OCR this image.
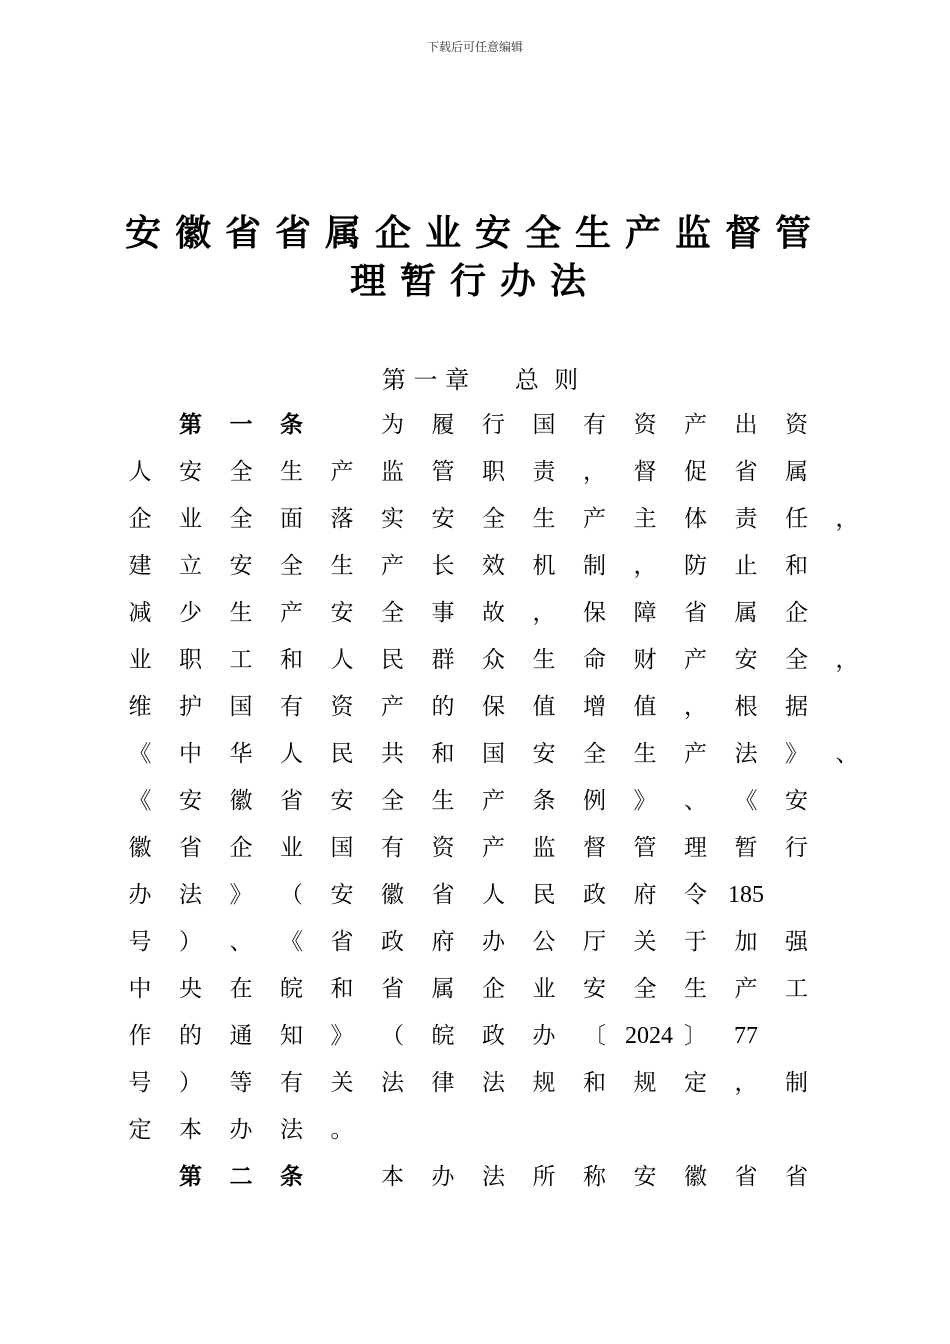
下载后可任意编辑
安徽省省属企业安全生产监督管
理暂行办法
第 一 章      总  则
第	一	条	为	履	行	国	有	资	产	出	资
人	安	全	生	产	监	管	职	责	，	督	促	省	属
企	业	全	面	落	实	安	全	生	产	主	体	责	任	，
建	立	安	全	生	产	长	效	机	制	，	防	止	和
减	少	生	产	安	全	事	故	，	保	障	省	属	企
业	职	工	和	人	民	群	众	生	命	财	产	安	全	，
维	护	国	有	资	产	的	保	值	增	值	，	根	据
《	中	华	人	民	共	和	国	安	全	生	产	法	》	、
《	安	徽	省	安	全	生	产	条	例	》	、	《	安
徽	省	企	业	国	有	资	产	监	督	管	理	暂	行
办	法	》	（	安	徽	省	人	民	政	府	令 185
号	）	、	《	省	政	府	办	公	厅	关	于	加	强
中	央	在	皖	和	省	属	企	业	安	全	生	产	工
作	的	通	知	》	（	皖	政	办	〔 2024 〕	77
号	）	等	有	关	法	律	法	规	和	规	定	，	制
定	本	办	法	。
第	二	条	本	办	法	所	称	安	徽	省	省
